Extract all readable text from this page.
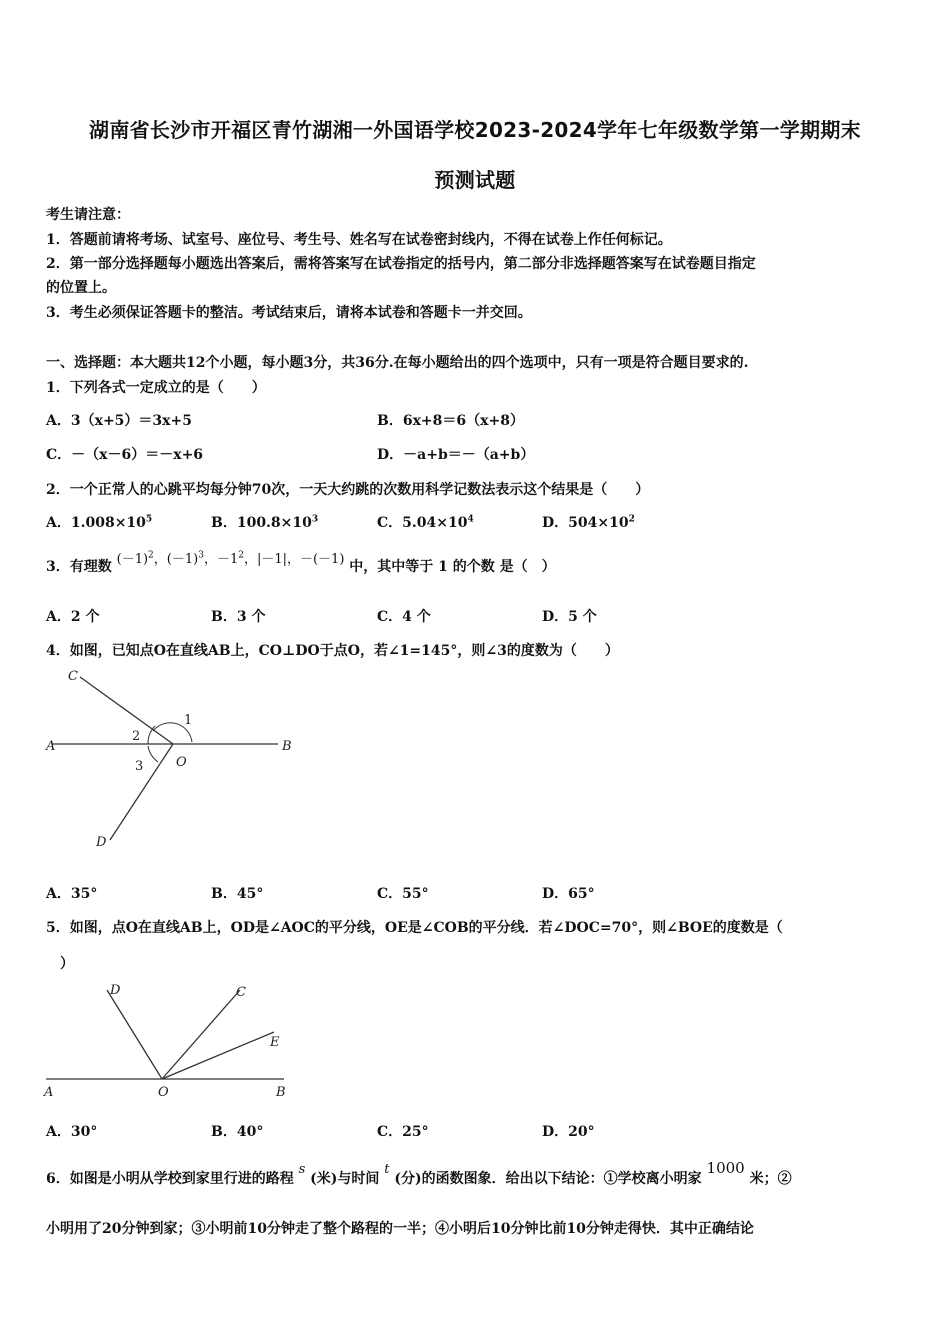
湖南省长沙市开福区青竹湖湘一外国语学校2023-2024学年七年级数学第一学期期末
预测试题
考生请注意：
1．答题前请将考场、试室号、座位号、考生号、姓名写在试卷密封线内，不得在试卷上作任何标记。
2．第一部分选择题每小题选出答案后，需将答案写在试卷指定的括号内，第二部分非选择题答案写在试卷题目指定
的位置上。
3．考生必须保证答题卡的整洁。考试结束后，请将本试卷和答题卡一并交回。
一、选择题：本大题共12个小题，每小题3分，共36分.在每小题给出的四个选项中，只有一项是符合题目要求的.
1．下列各式一定成立的是（　　）
A．3（x+5）＝3x+5	B．6x+8＝6（x+8）
C．－（x－6）＝－x+6	D．－a+b＝－（a+b）
2．一个正常人的心跳平均每分钟70次，一天大约跳的次数用科学记数法表示这个结果是（　　）
A．$1.008\times 10^5$	B．$100.8\times 10^3$	C．$5.04\times 10^4$	D．$504\times 10^2$
3．有理数 $(-1)^2$，$(-1)^3$，$-1^2$，|－1|，－(－1) 中，其中等于 1 的个数 是（　）
A．2 个	B．3 个	C．4 个	D．5 个
4．如图，已知点O在直线AB上，CO⊥DO于点O，若∠1=145°，则∠3的度数为（　　）
C
A	B
O
D
1
2
3
A．35°	B．45°	C．55°	D．65°
5．如图，点O在直线AB上，OD是∠AOC的平分线，OE是∠COB的平分线．若∠DOC=70°，则∠BOE的度数是（
）
D	C
E
A	O	B
A．30°	B．40°	C．25°	D．20°
6．如图是小明从学校到家里行进的路程 s (米)与时间 t (分)的函数图象．给出以下结论：①学校离小明家 1000 米；②
小明用了20分钟到家；③小明前10分钟走了整个路程的一半；④小明后10分钟比前10分钟走得快．其中正确结论
